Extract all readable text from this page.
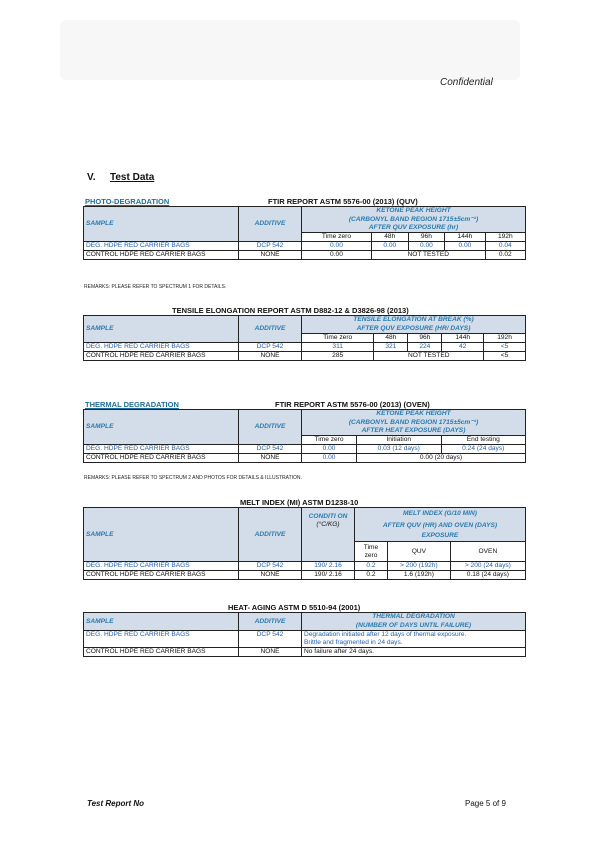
Confidential
V. Test Data
PHOTO-DEGRADATION	FTIR REPORT ASTM 5576-00 (2013) (QUV)
SAMPLE	ADDITIVE	KETONE PEAK HEIGHT				
		(CARBONYL BAND REGION 1715±5cm⁻¹)				
		AFTER QUV EXPOSURE (hr)				
		Time zero	48h	96h	144h	192h
DEG. HDPE RED CARRIER BAGS	DCP 542	0.00	0.00	0.00	0.00	0.04
CONTROL HDPE RED CARRIER BAGS	NONE	0.00	NOT TESTED			0.02
REMARKS: PLEASE REFER TO SPECTRUM 1 FOR DETAILS.
TENSILE ELONGATION REPORT ASTM D882-12 & D3826-98 (2013)
SAMPLE	ADDITIVE	TENSILE ELONGATION AT BREAK (%)				
		AFTER QUV EXPOSURE (HR/ DAYS)				
		Time zero	48h	96h	144h	192h
DEG. HDPE RED CARRIER BAGS	DCP 542	311	321	224	42	<5
CONTROL HDPE RED CARRIER BAGS	NONE	285	NOT TESTED			<5
THERMAL DEGRADATION	FTIR REPORT ASTM 5576-00 (2013) (OVEN)
SAMPLE	ADDITIVE	KETONE PEAK HEIGHT		
		(CARBONYL BAND REGION 1715±5cm⁻¹)		
		AFTER HEAT EXPOSURE (DAYS)		
		Time zero	Initiation	End testing
DEG. HDPE RED CARRIER BAGS	DCP 542	0.00	0.03 (12 days)	0.24 (24 days)
CONTROL HDPE RED CARRIER BAGS	NONE	0.00	0.00 (20 days)	
REMARKS: PLEASE REFER TO SPECTRUM 2 AND PHOTOS FOR DETAILS & ILLUSTRATION.
MELT INDEX (MI) ASTM D1238-10
SAMPLE	ADDITIVE	CONDITI ON
(°C/KG)	MELT INDEX (G/10 MIN)		
			AFTER QUV (HR) AND OVEN (DAYS)		
			EXPOSURE		
			Time zero	QUV	OVEN
DEG. HDPE RED CARRIER BAGS	DCP 542	190/ 2.16	0.2	> 200 (192h)	> 200 (24 days)
CONTROL HDPE RED CARRIER BAGS	NONE	190/ 2.16	0.2	1.6 (192h)	0.18 (24 days)
HEAT- AGING ASTM D 5510-94 (2001)
SAMPLE	ADDITIVE	THERMAL DEGRADATION
		(NUMBER OF DAYS UNTIL FAILURE)
DEG. HDPE RED CARRIER BAGS	DCP 542	Degradation initiated after 12 days of thermal exposure.
Brittle and fragmented in 24 days.

CONTROL HDPE RED CARRIER BAGS	NONE	No failure after 24 days.
Test Report No	Page 5 of 9
